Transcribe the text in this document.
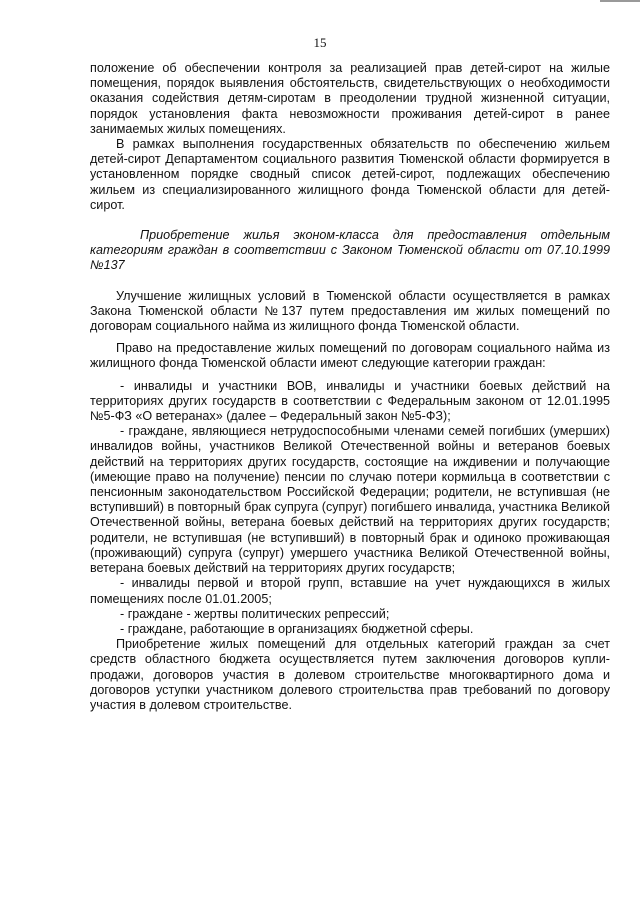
15

положение об обеспечении контроля за реализацией прав детей-сирот на жилые помещения, порядок выявления обстоятельств, свидетельствующих о необходимости оказания содействия детям-сиротам в преодолении трудной жизненной ситуации, порядок установления факта невозможности проживания детей-сирот в ранее занимаемых жилых помещениях.

В рамках выполнения государственных обязательств по обеспечению жильем детей-сирот Департаментом социального развития Тюменской области формируется в установленном порядке сводный список детей-сирот, подлежащих обеспечению жильем из специализированного жилищного фонда Тюменской области для детей-сирот.

Приобретение жилья эконом-класса для предоставления отдельным категориям граждан в соответствии с Законом Тюменской области от 07.10.1999 №137

Улучшение жилищных условий в Тюменской области осуществляется в рамках Закона Тюменской области №137 путем предоставления им жилых помещений по договорам социального найма из жилищного фонда Тюменской области.

Право на предоставление жилых помещений по договорам социального найма из жилищного фонда Тюменской области имеют следующие категории граждан:

- инвалиды и участники ВОВ, инвалиды и участники боевых действий на территориях других государств в соответствии с Федеральным законом от 12.01.1995 №5-ФЗ «О ветеранах» (далее – Федеральный закон №5-ФЗ);

- граждане, являющиеся нетрудоспособными членами семей погибших (умерших) инвалидов войны, участников Великой Отечественной войны и ветеранов боевых действий на территориях других государств, состоящие на иждивении и получающие (имеющие право на получение) пенсии по случаю потери кормильца в соответствии с пенсионным законодательством Российской Федерации; родители, не вступившая (не вступивший) в повторный брак супруга (супруг) погибшего инвалида, участника Великой Отечественной войны, ветерана боевых действий на территориях других государств; родители, не вступившая (не вступивший) в повторный брак и одиноко проживающая (проживающий) супруга (супруг) умершего участника Великой Отечественной войны, ветерана боевых действий на территориях других государств;

- инвалиды первой и второй групп, вставшие на учет нуждающихся в жилых помещениях после 01.01.2005;

- граждане - жертвы политических репрессий;

- граждане, работающие в организациях бюджетной сферы.

Приобретение жилых помещений для отдельных категорий граждан за счет средств областного бюджета осуществляется путем заключения договоров купли-продажи, договоров участия в долевом строительстве многоквартирного дома и договоров уступки участником долевого строительства прав требований по договору участия в долевом строительстве.
